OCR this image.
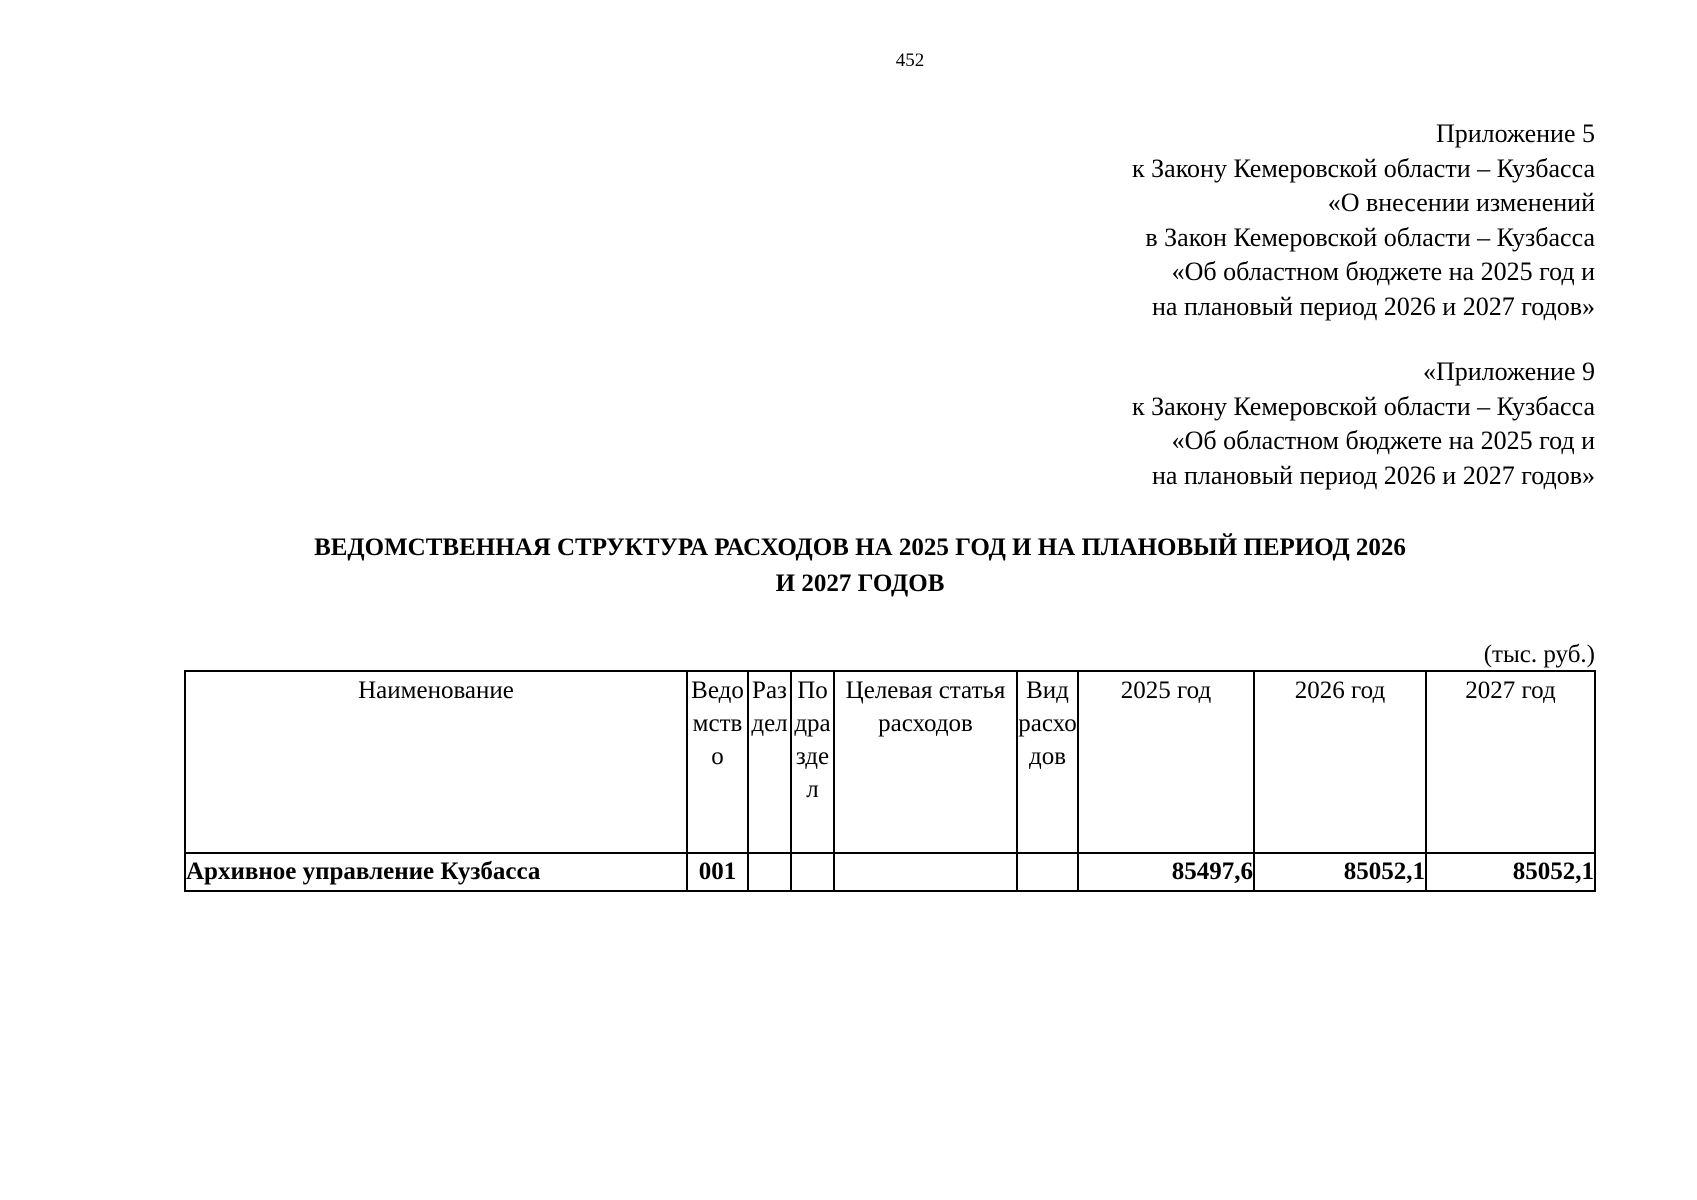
452
Приложение 5
к Закону Кемеровской области – Кузбасса
«О внесении изменений
в Закон Кемеровской области – Кузбасса
«Об областном бюджете на 2025 год и
на плановый период 2026 и 2027 годов»
«Приложение 9
к Закону Кемеровской области – Кузбасса
«Об областном бюджете на 2025 год и
на плановый период 2026 и 2027 годов»
ВЕДОМСТВЕННАЯ СТРУКТУРА РАСХОДОВ НА 2025 ГОД И НА ПЛАНОВЫЙ ПЕРИОД 2026
И 2027 ГОДОВ
(тыс. руб.)
Наименование	Ведомство	Раздел	Подраздел	Целевая статья расходов	Вид расходов	2025 год	2026 год	2027 год
Архивное управление Кузбасса	001					85497,6	85052,1	85052,1
